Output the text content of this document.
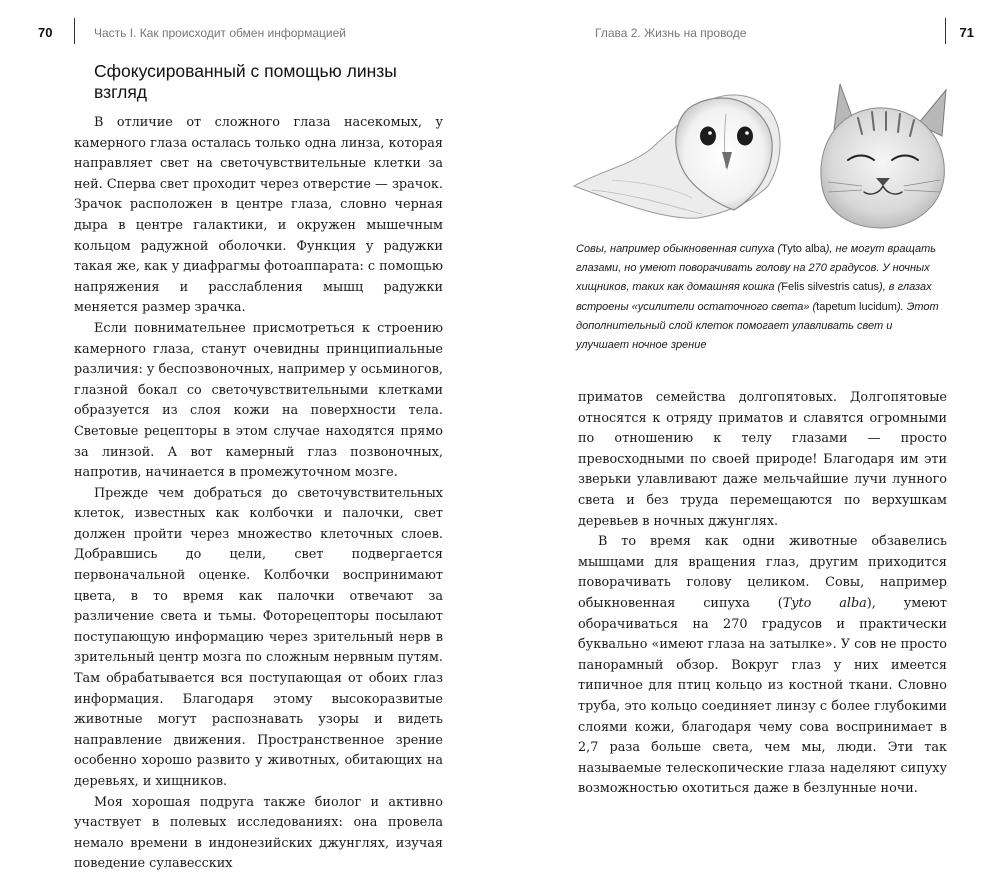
70	Часть I. Как происходит обмен информацией
Сфокусированный с помощью линзы взгляд

В отличие от сложного глаза насекомых, у камерного глаза осталась только одна линза, которая направляет свет на светочувствительные клетки за ней. Сперва свет проходит через отверстие — зрачок. Зрачок расположен в центре глаза, словно черная дыра в центре галактики, и окружен мышечным кольцом радужной оболочки. Функция у радужки такая же, как у диафрагмы фотоаппарата: с помощью напряжения и расслабления мышц радужки меняется размер зрачка.

Если повнимательнее присмотреться к строению камерного глаза, станут очевидны принципиальные различия: у беспозвоночных, например у осьминогов, глазной бокал со светочувствительными клетками образуется из слоя кожи на поверхности тела. Световые рецепторы в этом случае находятся прямо за линзой. А вот камерный глаз позвоночных, напротив, начинается в промежуточном мозге.

Прежде чем добраться до светочувствительных клеток, известных как колбочки и палочки, свет должен пройти через множество клеточных слоев. Добравшись до цели, свет подвергается первоначальной оценке. Колбочки воспринимают цвета, в то время как палочки отвечают за различение света и тьмы. Фоторецепторы посылают поступающую информацию через зрительный нерв в зрительный центр мозга по сложным нервным путям. Там обрабатывается вся поступающая от обоих глаз информация. Благодаря этому высокоразвитые животные могут распознавать узоры и видеть направление движения. Пространственное зрение особенно хорошо развито у животных, обитающих на деревьях, и хищников.

Моя хорошая подруга также биолог и активно участвует в полевых исследованиях: она провела немало времени в индонезийских джунглях, изучая поведение сулавесских

Глава 2. Жизнь на проводе	71

Совы, например обыкновенная сипуха (Tyto alba), не могут вращать глазами, но умеют поворачивать голову на 270 градусов. У ночных хищников, таких как домашняя кошка (Felis silvestris catus), в глазах встроены «усилители остаточного света» (tapetum lucidum). Этот дополнительный слой клеток помогает улавливать свет и улучшает ночное зрение

приматов семейства долгопятовых. Долгопятовые относятся к отряду приматов и славятся огромными по отношению к телу глазами — просто превосходными по своей природе! Благодаря им эти зверьки улавливают даже мельчайшие лучи лунного света и без труда перемещаются по верхушкам деревьев в ночных джунглях.

В то время как одни животные обзавелись мышцами для вращения глаз, другим приходится поворачивать голову целиком. Совы, например обыкновенная сипуха (Tyto alba), умеют оборачиваться на 270 градусов и практически буквально «имеют глаза на затылке». У сов не просто панорамный обзор. Вокруг глаз у них имеется типичное для птиц кольцо из костной ткани. Словно труба, это кольцо соединяет линзу с более глубокими слоями кожи, благодаря чему сова воспринимает в 2,7 раза больше света, чем мы, люди. Эти так называемые телескопические глаза наделяют сипуху возможностью охотиться даже в безлунные ночи.
